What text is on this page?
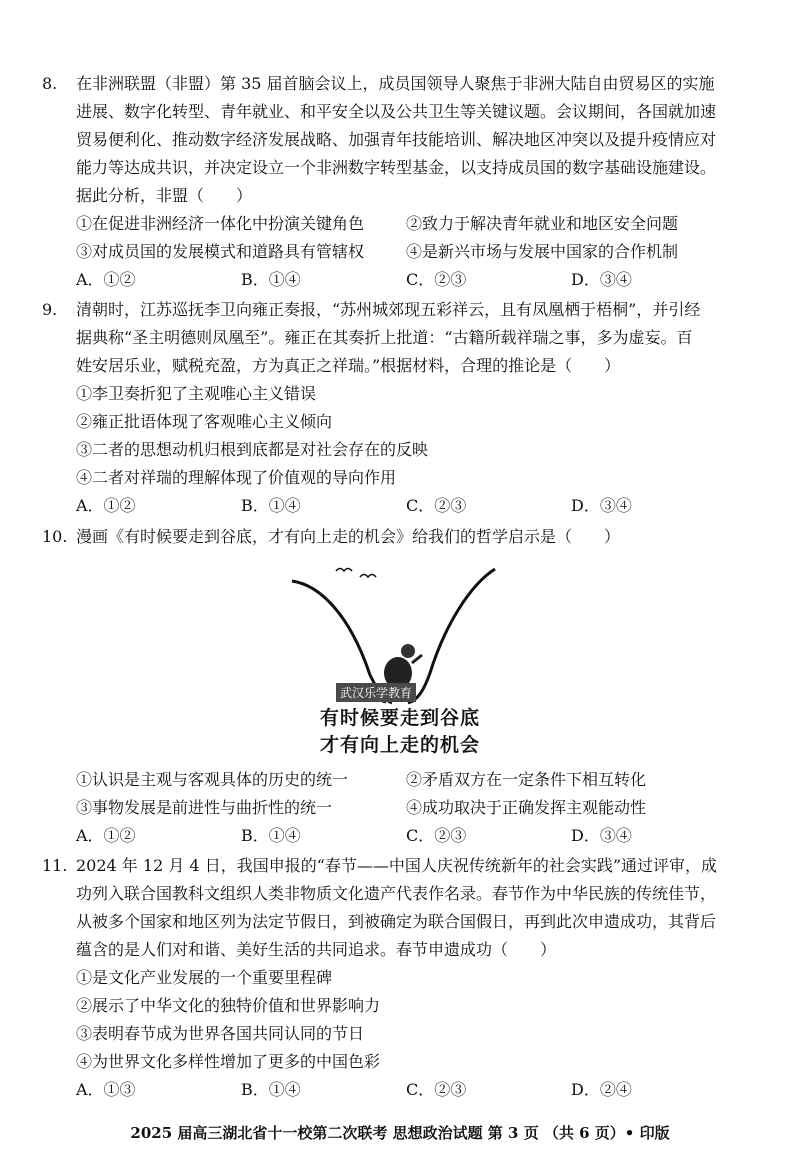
8. 在非洲联盟（非盟）第 35 届首脑会议上，成员国领导人聚焦于非洲大陆自由贸易区的实施
进展、数字化转型、青年就业、和平安全以及公共卫生等关键议题。会议期间，各国就加速
贸易便利化、推动数字经济发展战略、加强青年技能培训、解决地区冲突以及提升疫情应对
能力等达成共识，并决定设立一个非洲数字转型基金，以支持成员国的数字基础设施建设。
据此分析，非盟（　　）
①在促进非洲经济一体化中扮演关键角色	②致力于解决青年就业和地区安全问题
③对成员国的发展模式和道路具有管辖权	④是新兴市场与发展中国家的合作机制
A．①②	B．①④	C．②③	D．③④
9. 清朝时，江苏巡抚李卫向雍正奏报，“苏州城郊现五彩祥云，且有凤凰栖于梧桐”，并引经
据典称“圣主明德则凤凰至”。雍正在其奏折上批道：“古籍所载祥瑞之事，多为虚妄。百
姓安居乐业，赋税充盈，方为真正之祥瑞。”根据材料，合理的推论是（　　）
①李卫奏折犯了主观唯心主义错误
②雍正批语体现了客观唯心主义倾向
③二者的思想动机归根到底都是对社会存在的反映
④二者对祥瑞的理解体现了价值观的导向作用
A．①②	B．①④	C．②③	D．③④
10. 漫画《有时候要走到谷底，才有向上走的机会》给我们的哲学启示是（　　）
武汉乐学教育
有时候要走到谷底
才有向上走的机会
①认识是主观与客观具体的历史的统一	②矛盾双方在一定条件下相互转化
③事物发展是前进性与曲折性的统一	④成功取决于正确发挥主观能动性
A．①②	B．①④	C．②③	D．③④
11. 2024 年 12 月 4 日，我国申报的“春节——中国人庆祝传统新年的社会实践”通过评审，成
功列入联合国教科文组织人类非物质文化遗产代表作名录。春节作为中华民族的传统佳节，
从被多个国家和地区列为法定节假日，到被确定为联合国假日，再到此次申遗成功，其背后
蕴含的是人们对和谐、美好生活的共同追求。春节申遗成功（　　）
①是文化产业发展的一个重要里程碑
②展示了中华文化的独特价值和世界影响力
③表明春节成为世界各国共同认同的节日
④为世界文化多样性增加了更多的中国色彩
A．①③	B．①④	C．②③	D．②④
2025 届高三湖北省十一校第二次联考 思想政治试题 第 3 页 （共 6 页）• 印版
